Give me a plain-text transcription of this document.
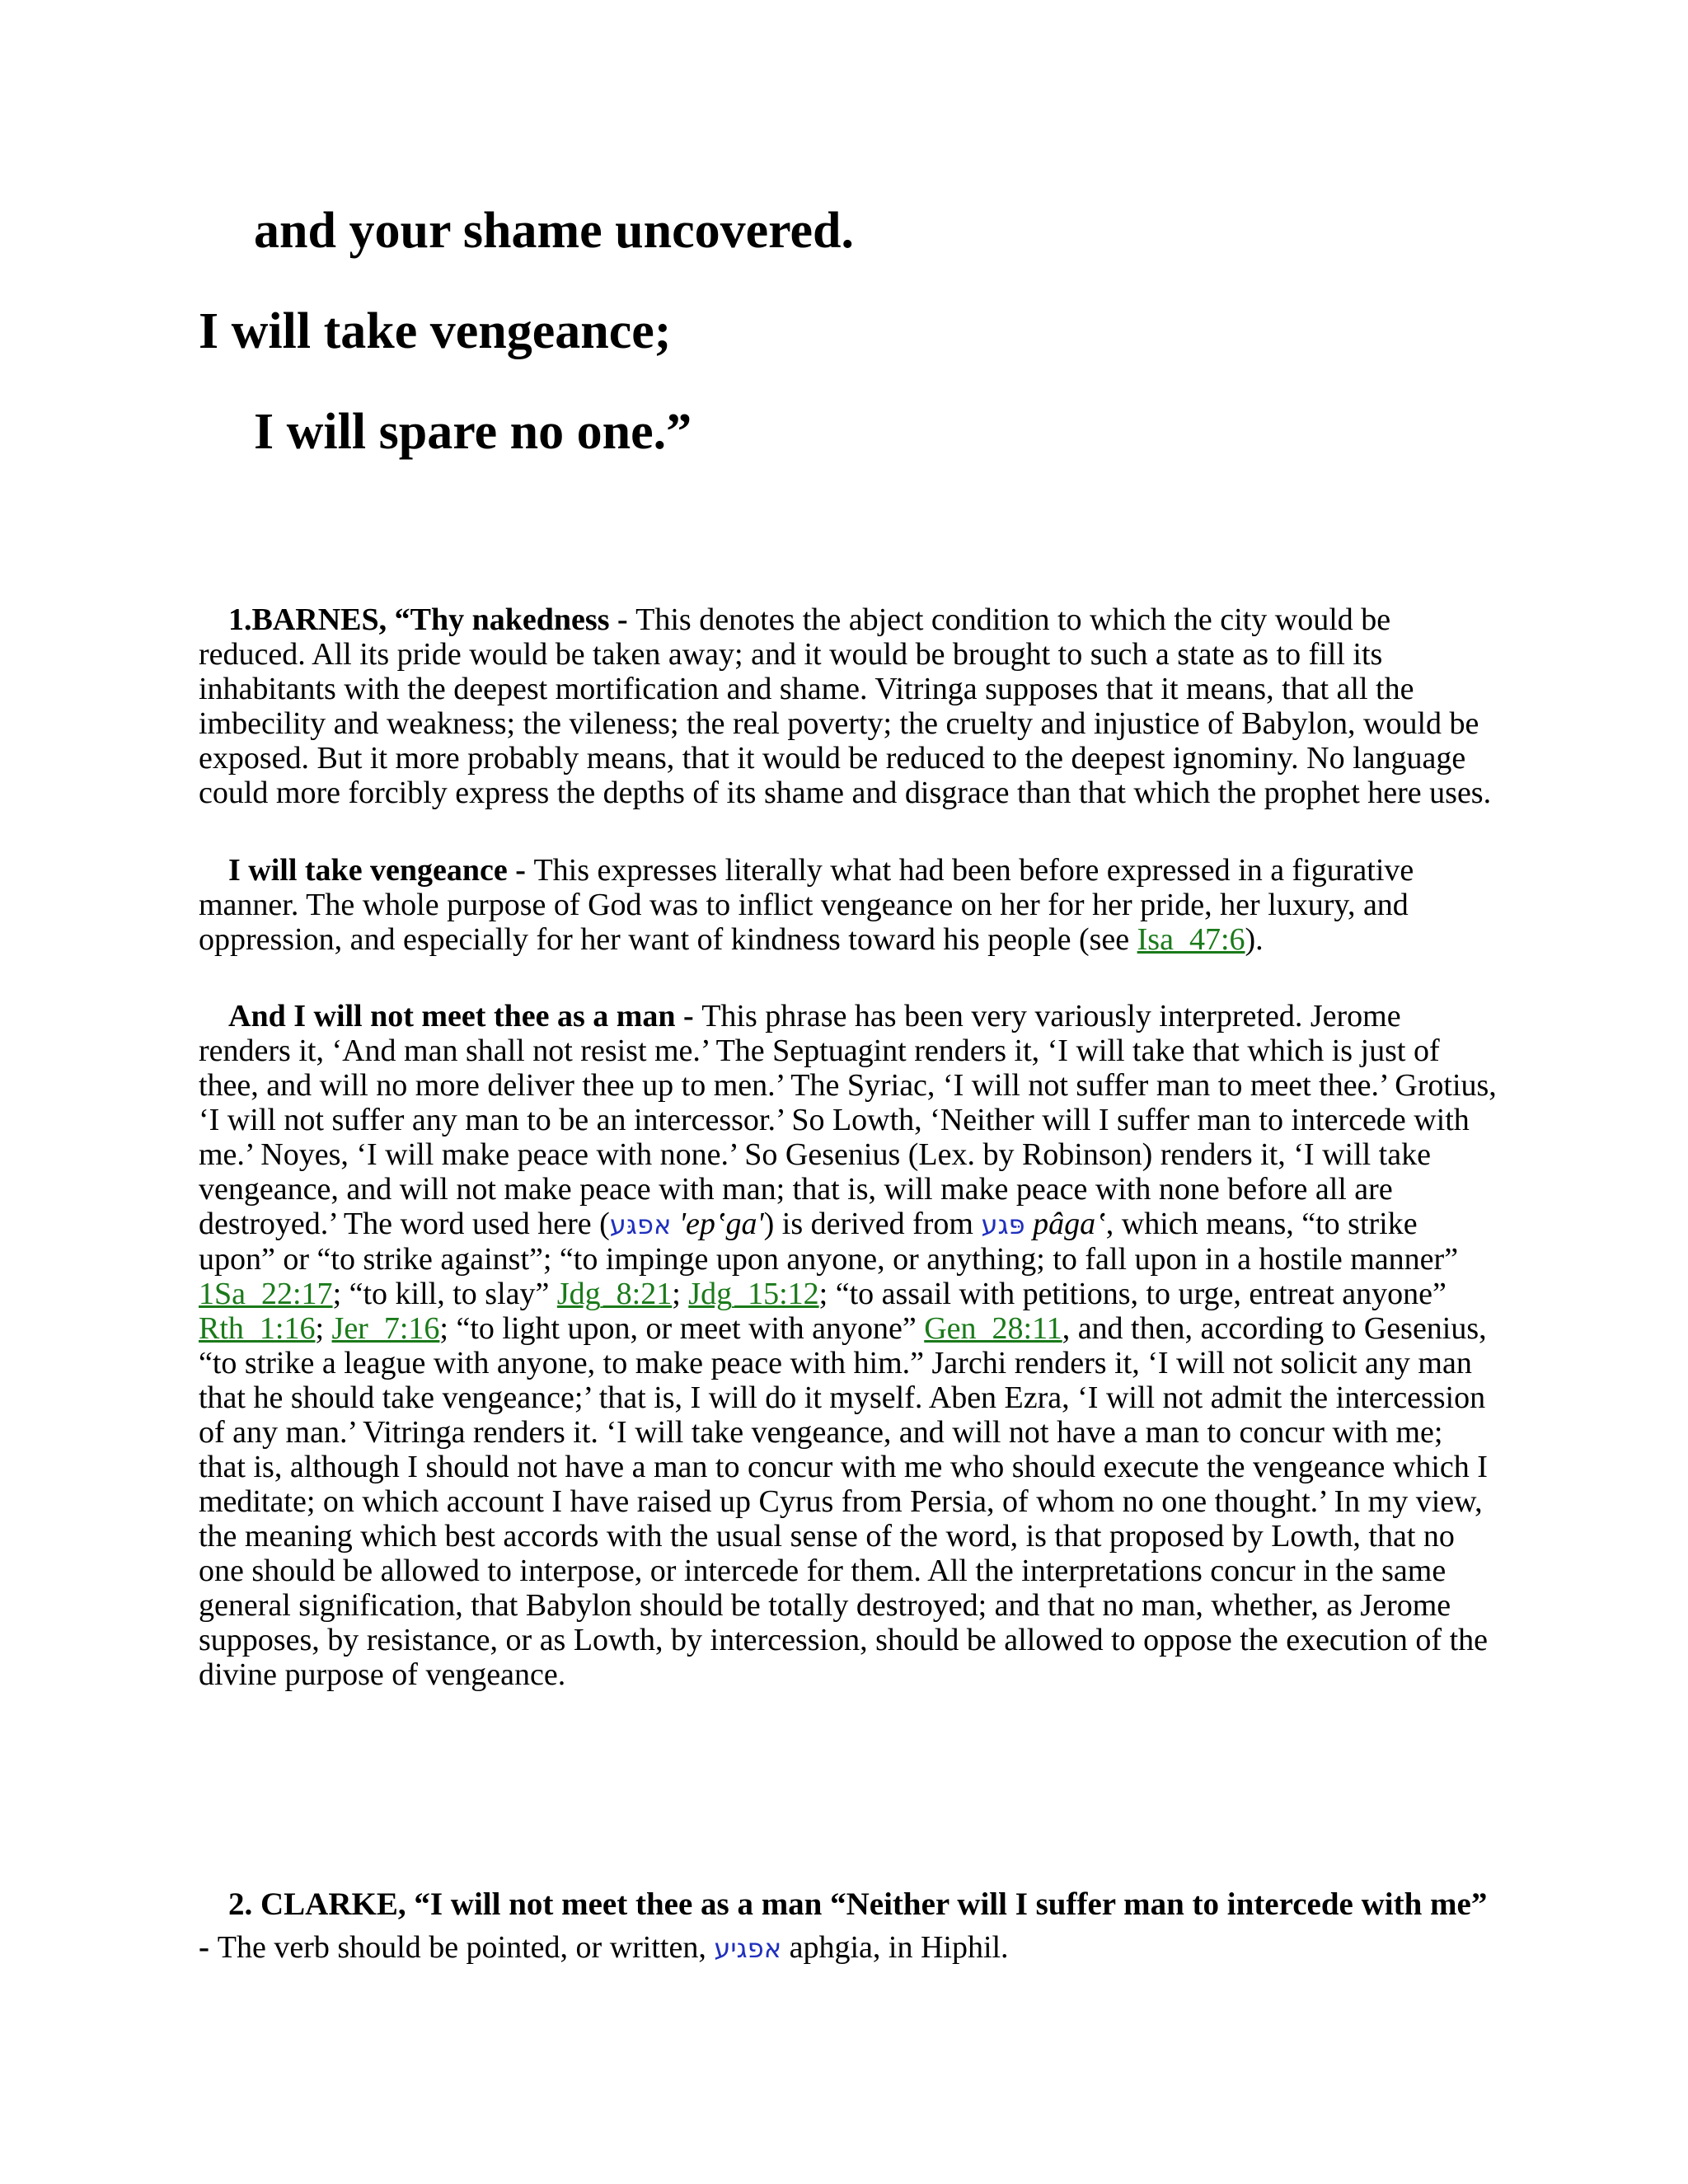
and your shame uncovered.

I will take vengeance;

I will spare no one.”

1.BARNES, “Thy nakedness - This denotes the abject condition to which the city would be reduced. All its pride would be taken away; and it would be brought to such a state as to fill its inhabitants with the deepest mortification and shame. Vitringa supposes that it means, that all the imbecility and weakness; the vileness; the real poverty; the cruelty and injustice of Babylon, would be exposed. But it more probably means, that it would be reduced to the deepest ignominy. No language could more forcibly express the depths of its shame and disgrace than that which the prophet here uses.

I will take vengeance - This expresses literally what had been before expressed in a figurative manner. The whole purpose of God was to inflict vengeance on her for her pride, her luxury, and oppression, and especially for her want of kindness toward his people (see Isa_47:6).

And I will not meet thee as a man - This phrase has been very variously interpreted. Jerome renders it, ‘And man shall not resist me.’ The Septuagint renders it, ‘I will take that which is just of thee, and will no more deliver thee up to men.’ The Syriac, ‘I will not suffer man to meet thee.’ Grotius, ‘I will not suffer any man to be an intercessor.’ So Lowth, ‘Neither will I suffer man to intercede with me.’ Noyes, ‘I will make peace with none.’ So Gesenius (Lex. by Robinson) renders it, ‘I will take vengeance, and will not make peace with man; that is, will make peace with none before all are destroyed.’ The word used here (אפגּע 'ep‛ga') is derived from פּגע pâga‛, which means, “to strike upon” or “to strike against”; “to impinge upon anyone, or anything; to fall upon in a hostile manner” 1Sa_22:17; “to kill, to slay” Jdg_8:21; Jdg_15:12; “to assail with petitions, to urge, entreat anyone” Rth_1:16; Jer_7:16; “to light upon, or meet with anyone” Gen_28:11, and then, according to Gesenius, “to strike a league with anyone, to make peace with him.” Jarchi renders it, ‘I will not solicit any man that he should take vengeance;’ that is, I will do it myself. Aben Ezra, ‘I will not admit the intercession of any man.’ Vitringa renders it. ‘I will take vengeance, and will not have a man to concur with me; that is, although I should not have a man to concur with me who should execute the vengeance which I meditate; on which account I have raised up Cyrus from Persia, of whom no one thought.’ In my view, the meaning which best accords with the usual sense of the word, is that proposed by Lowth, that no one should be allowed to interpose, or intercede for them. All the interpretations concur in the same general signification, that Babylon should be totally destroyed; and that no man, whether, as Jerome supposes, by resistance, or as Lowth, by intercession, should be allowed to oppose the execution of the divine purpose of vengeance.

2. CLARKE, “I will not meet thee as a man “Neither will I suffer man to intercede with me” - The verb should be pointed, or written, אפגיע aphgia, in Hiphil.
